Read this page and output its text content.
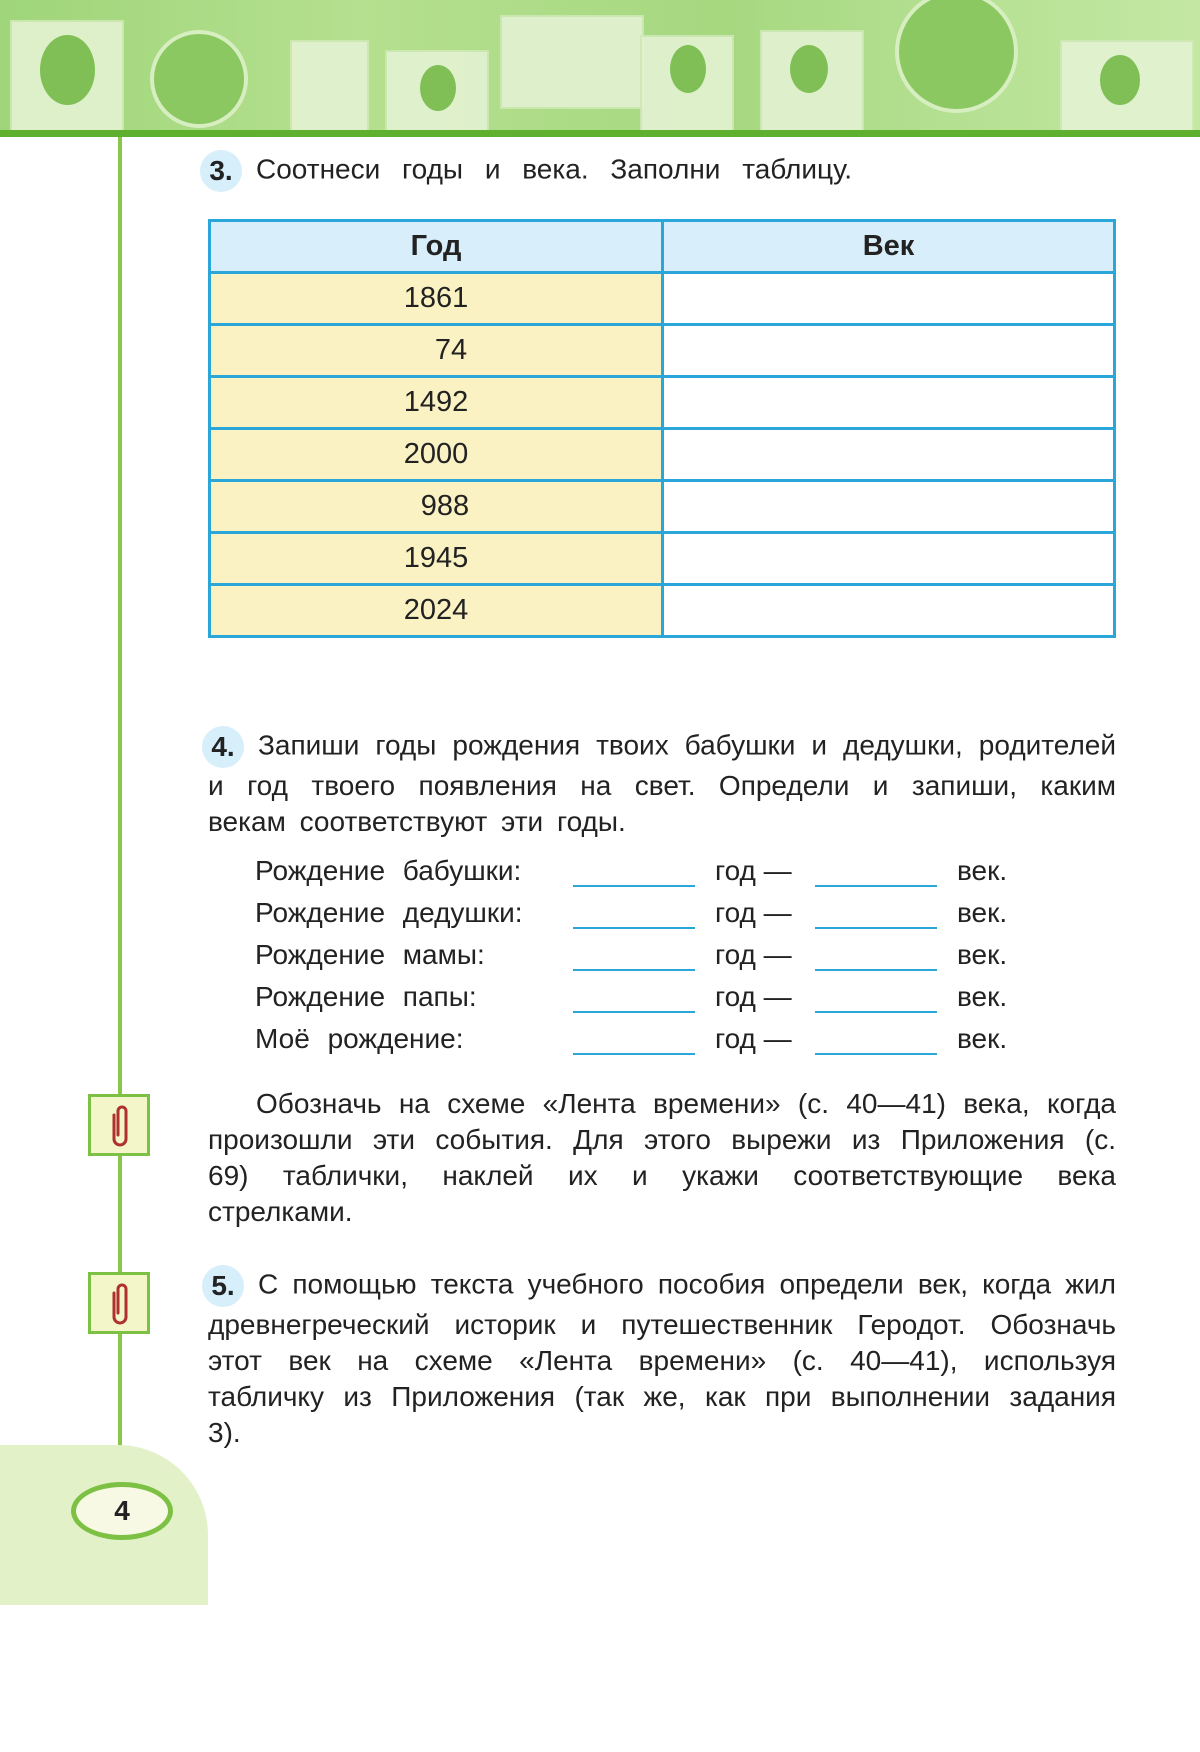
4
3. Соотнеси годы и века. Заполни таблицу.
Год	Век
1861	
74	
1492	
2000	
988	
1945	
2024	

4. Запиши годы рождения твоих бабушки и дедушки, родителей и год твоего появления на свет. Определи и запиши, каким векам соответствуют эти годы.

Рождение бабушки:	год —	век.
Рождение дедушки:	год —	век.
Рождение мамы:	год —	век.
Рождение папы:	год —	век.
Моё рождение:	год —	век.

Обозначь на схеме «Лента времени» (с. 40—41) века, когда произошли эти события. Для этого вырежи из Приложения (с. 69) таблички, наклей их и укажи соответствующие века стрелками.

5. С помощью текста учебного пособия определи век, когда жил древнегреческий историк и путешественник Геродот. Обозначь этот век на схеме «Лента времени» (с. 40—41), используя табличку из Приложения (так же, как при выполнении задания 3).
